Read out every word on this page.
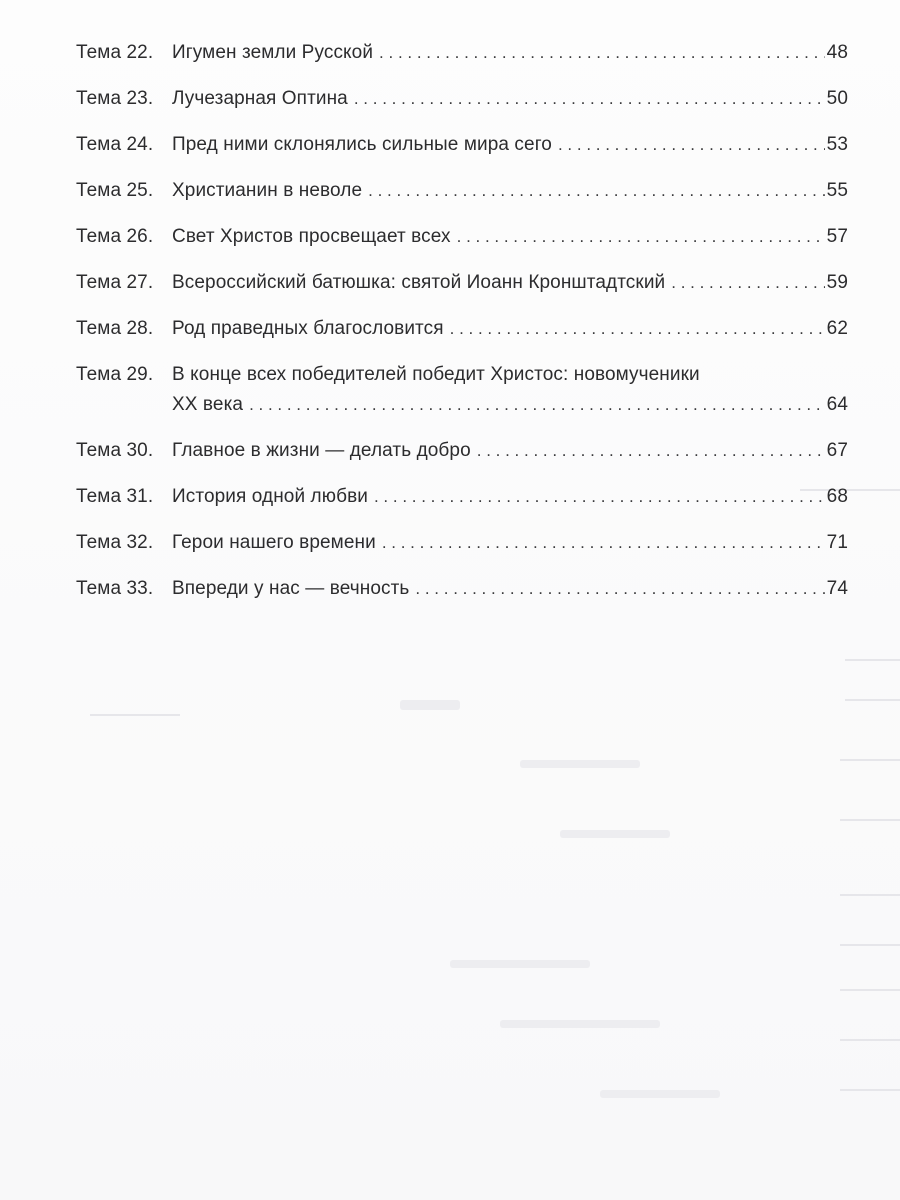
Тема 22. Игумен земли Русской . . .	48
Тема 23. Лучезарная Оптина . . .	50
Тема 24. Пред ними склонялись сильные мира сего . . .	53
Тема 25. Христианин в неволе . . .	55
Тема 26. Свет Христов просвещает всех . . .	57
Тема 27. Всероссийский батюшка: святой Иоанн Кронштадтский . . .	59
Тема 28. Род праведных благословится . . .	62
Тема 29. В конце всех победителей победит Христос: новомученики
XX века . . .	64
Тема 30. Главное в жизни — делать добро . . .	67
Тема 31. История одной любви . . .	68
Тема 32. Герои нашего времени . . .	71
Тема 33. Впереди у нас — вечность . . .	74
